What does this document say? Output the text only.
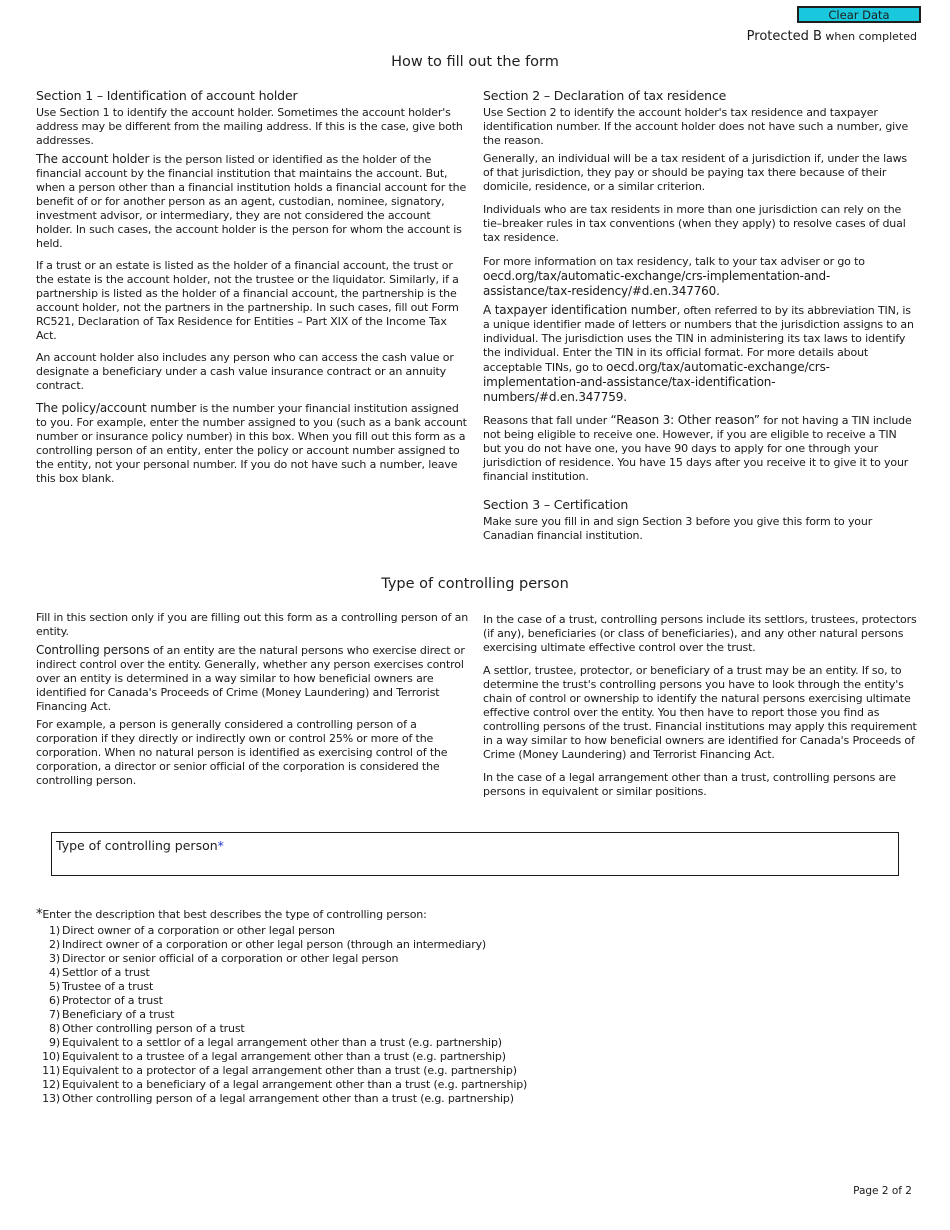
Clear Data
Protected B when completed
How to fill out the form
Section 1 – Identification of account holder

Use Section 1 to identify the account holder. Sometimes the account holder's address may be different from the mailing address. If this is the case, give both addresses.

The account holder is the person listed or identified as the holder of the financial account by the financial institution that maintains the account. But, when a person other than a financial institution holds a financial account for the benefit of or for another person as an agent, custodian, nominee, signatory, investment advisor, or intermediary, they are not considered the account holder. In such cases, the account holder is the person for whom the account is held.

If a trust or an estate is listed as the holder of a financial account, the trust or the estate is the account holder, not the trustee or the liquidator. Similarly, if a partnership is listed as the holder of a financial account, the partnership is the account holder, not the partners in the partnership. In such cases, fill out Form RC521, Declaration of Tax Residence for Entities – Part XIX of the Income Tax Act.

An account holder also includes any person who can access the cash value or designate a beneficiary under a cash value insurance contract or an annuity contract.

The policy/account number is the number your financial institution assigned to you. For example, enter the number assigned to you (such as a bank account number or insurance policy number) in this box. When you fill out this form as a controlling person of an entity, enter the policy or account number assigned to the entity, not your personal number. If you do not have such a number, leave this box blank.

Section 2 – Declaration of tax residence

Use Section 2 to identify the account holder's tax residence and taxpayer identification number. If the account holder does not have such a number, give the reason.

Generally, an individual will be a tax resident of a jurisdiction if, under the laws of that jurisdiction, they pay or should be paying tax there because of their domicile, residence, or a similar criterion.

Individuals who are tax residents in more than one jurisdiction can rely on the tie–breaker rules in tax conventions (when they apply) to resolve cases of dual tax residence.

For more information on tax residency, talk to your tax adviser or go to oecd.org/tax/automatic-exchange/crs-implementation-and-assistance/tax-residency/#d.en.347760.

A taxpayer identification number, often referred to by its abbreviation TIN, is a unique identifier made of letters or numbers that the jurisdiction assigns to an individual. The jurisdiction uses the TIN in administering its tax laws to identify the individual. Enter the TIN in its official format. For more details about acceptable TINs, go to oecd.org/tax/automatic-exchange/crs-implementation-and-assistance/tax-identification-numbers/#d.en.347759.

Reasons that fall under “Reason 3: Other reason” for not having a TIN include not being eligible to receive one. However, if you are eligible to receive a TIN but you do not have one, you have 90 days to apply for one through your jurisdiction of residence. You have 15 days after you receive it to give it to your financial institution.

Section 3 – Certification

Make sure you fill in and sign Section 3 before you give this form to your Canadian financial institution.

Type of controlling person

Fill in this section only if you are filling out this form as a controlling person of an entity.

Controlling persons of an entity are the natural persons who exercise direct or indirect control over the entity. Generally, whether any person exercises control over an entity is determined in a way similar to how beneficial owners are identified for Canada's Proceeds of Crime (Money Laundering) and Terrorist Financing Act.

For example, a person is generally considered a controlling person of a corporation if they directly or indirectly own or control 25% or more of the corporation. When no natural person is identified as exercising control of the corporation, a director or senior official of the corporation is considered the controlling person.

In the case of a trust, controlling persons include its settlors, trustees, protectors (if any), beneficiaries (or class of beneficiaries), and any other natural persons exercising ultimate effective control over the trust.

A settlor, trustee, protector, or beneficiary of a trust may be an entity. If so, to determine the trust's controlling persons you have to look through the entity's chain of control or ownership to identify the natural persons exercising ultimate effective control over the entity. You then have to report those you find as controlling persons of the trust. Financial institutions may apply this requirement in a way similar to how beneficial owners are identified for Canada's Proceeds of Crime (Money Laundering) and Terrorist Financing Act.

In the case of a legal arrangement other than a trust, controlling persons are persons in equivalent or similar positions.

Type of controlling person*
*Enter the description that best describes the type of controlling person:
1) Direct owner of a corporation or other legal person
2) Indirect owner of a corporation or other legal person (through an intermediary)
3) Director or senior official of a corporation or other legal person
4) Settlor of a trust
5) Trustee of a trust
6) Protector of a trust
7) Beneficiary of a trust
8) Other controlling person of a trust
9) Equivalent to a settlor of a legal arrangement other than a trust (e.g. partnership)
10) Equivalent to a trustee of a legal arrangement other than a trust (e.g. partnership)
11) Equivalent to a protector of a legal arrangement other than a trust (e.g. partnership)
12) Equivalent to a beneficiary of a legal arrangement other than a trust (e.g. partnership)
13) Other controlling person of a legal arrangement other than a trust (e.g. partnership)
Page 2 of 2
